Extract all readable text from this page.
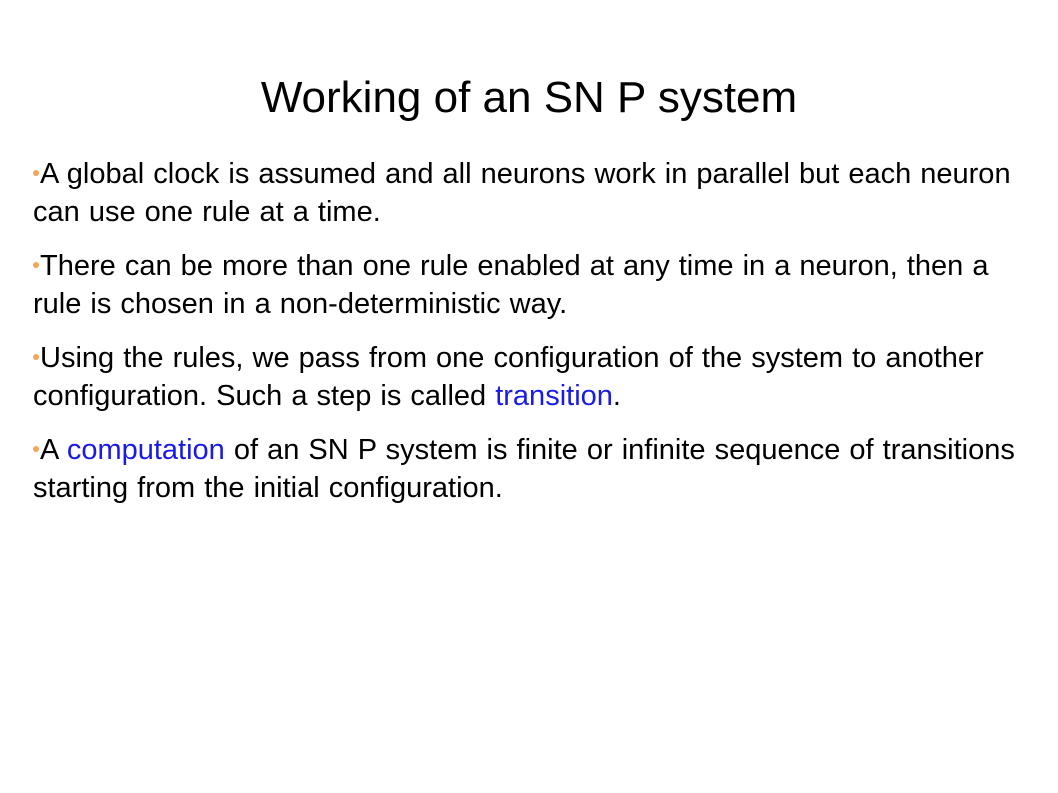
Working of an SN P system

A global clock is assumed and all neurons work in parallel but each neuron can use one rule at a time.

There can be more than one rule enabled at any time in a neuron, then a rule is chosen in a non-deterministic way.

Using the rules, we pass from one configuration of the system to another configuration. Such a step is called transition.

A computation of an SN P system is finite or infinite sequence of transitions starting from the initial configuration.
